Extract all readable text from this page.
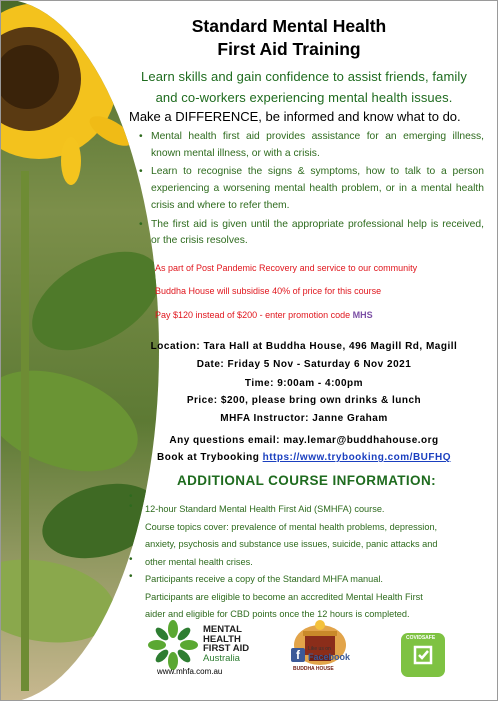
Standard Mental Health
First Aid Training
Learn skills and gain confidence to assist friends, family
and co-workers experiencing mental health issues.
Make a DIFFERENCE, be informed and know what to do.
• Mental health first aid provides assistance for an emerging illness, known mental illness, or with a crisis.
• Learn to recognise the signs & symptoms, how to talk to a person experiencing a worsening mental health problem, or in a mental health crisis and where to refer them.
• The first aid is given until the appropriate professional help is received, or the crisis resolves.
As part of Post Pandemic Recovery and service to our community
Buddha House will subsidise 40% of price for this course
Pay $120 instead of $200 - enter promotion code MHS
Location: Tara Hall at Buddha House, 496 Magill Rd, Magill
Date: Friday 5 Nov - Saturday 6 Nov 2021
Time: 9:00am - 4:00pm
Price: $200, please bring own drinks & lunch
MHFA Instructor: Janne Graham
Any questions email: may.lemar@buddhahouse.org
Book at Trybooking https://www.trybooking.com/BUFHQ
ADDITIONAL COURSE INFORMATION:
•
• 12-hour Standard Mental Health First Aid (SMHFA) course.
Course topics cover: prevalence of mental health problems, depression,
anxiety, psychosis and substance use issues, suicide, panic attacks and
• other mental health crises.
• Participants receive a copy of the Standard MHFA manual.
Participants are eligible to become an accredited Mental Health First
aider and eligible for CBD points once the 12 hours is completed.
MENTAL
HEALTH
FIRST AID
Australia
BUDDHA HOUSE
COVIDSAFE
www.mhfa.com.au
f	Like us on
Facebook
